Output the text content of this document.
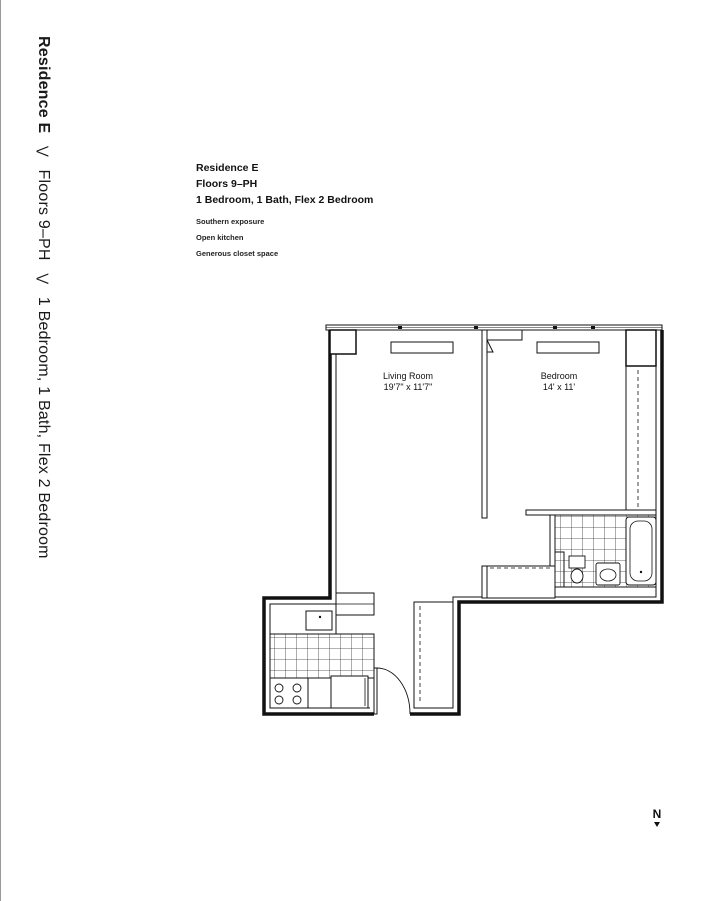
Residence E ⋁ Floors 9–PH ⋁ 1 Bedroom, 1 Bath, Flex 2 Bedroom
Residence E
Floors 9–PH
1 Bedroom, 1 Bath, Flex 2 Bedroom
Southern exposure
Open kitchen
Generous closet space
Living Room
19'7" x 11'7"
Bedroom
14' x 11'
N
